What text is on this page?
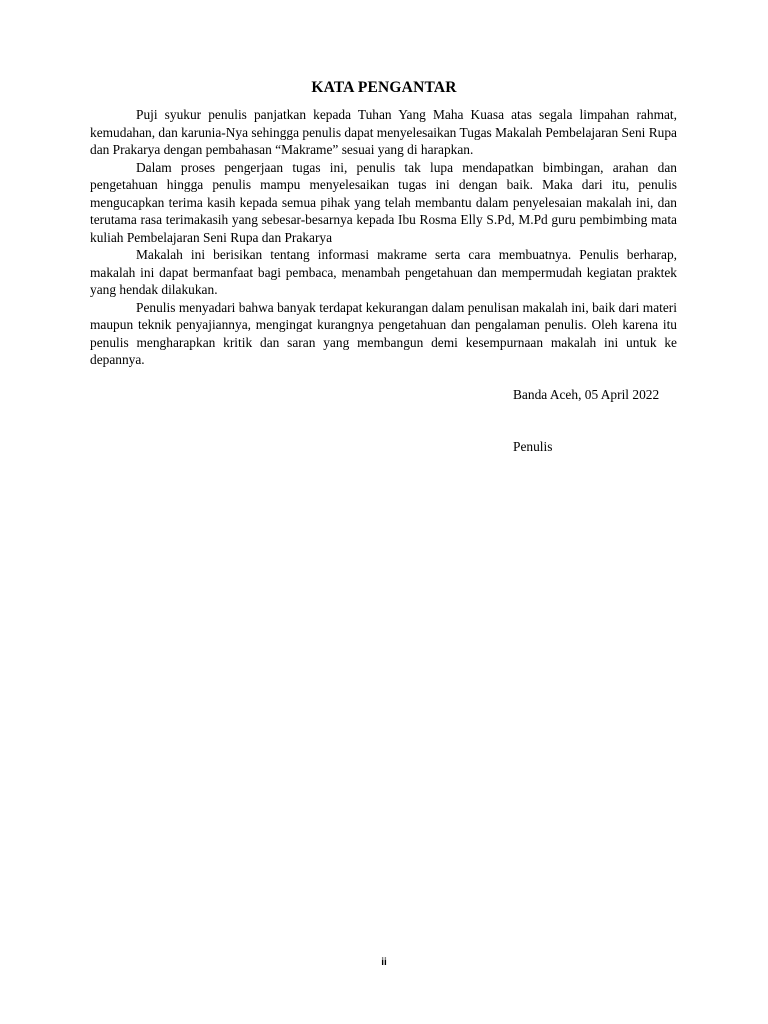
KATA PENGANTAR

Puji syukur penulis panjatkan kepada Tuhan Yang Maha Kuasa atas segala limpahan rahmat, kemudahan, dan karunia-Nya sehingga penulis dapat menyelesaikan Tugas Makalah Pembelajaran Seni Rupa dan Prakarya dengan pembahasan “Makrame” sesuai yang di harapkan.

Dalam proses pengerjaan tugas ini, penulis tak lupa mendapatkan bimbingan, arahan dan pengetahuan hingga penulis mampu menyelesaikan tugas ini dengan baik. Maka dari itu, penulis mengucapkan terima kasih kepada semua pihak yang telah membantu dalam penyelesaian makalah ini, dan terutama rasa terimakasih yang sebesar-besarnya kepada Ibu Rosma Elly S.Pd, M.Pd guru pembimbing mata kuliah Pembelajaran Seni Rupa dan Prakarya

Makalah ini berisikan tentang informasi makrame serta cara membuatnya. Penulis berharap, makalah ini dapat bermanfaat bagi pembaca, menambah pengetahuan dan mempermudah kegiatan praktek yang hendak dilakukan.

Penulis menyadari bahwa banyak terdapat kekurangan dalam penulisan makalah ini, baik dari materi maupun teknik penyajiannya, mengingat kurangnya pengetahuan dan pengalaman penulis. Oleh karena itu penulis mengharapkan kritik dan saran yang membangun demi kesempurnaan makalah ini untuk ke depannya.

Banda Aceh, 05 April 2022
Penulis
ii
